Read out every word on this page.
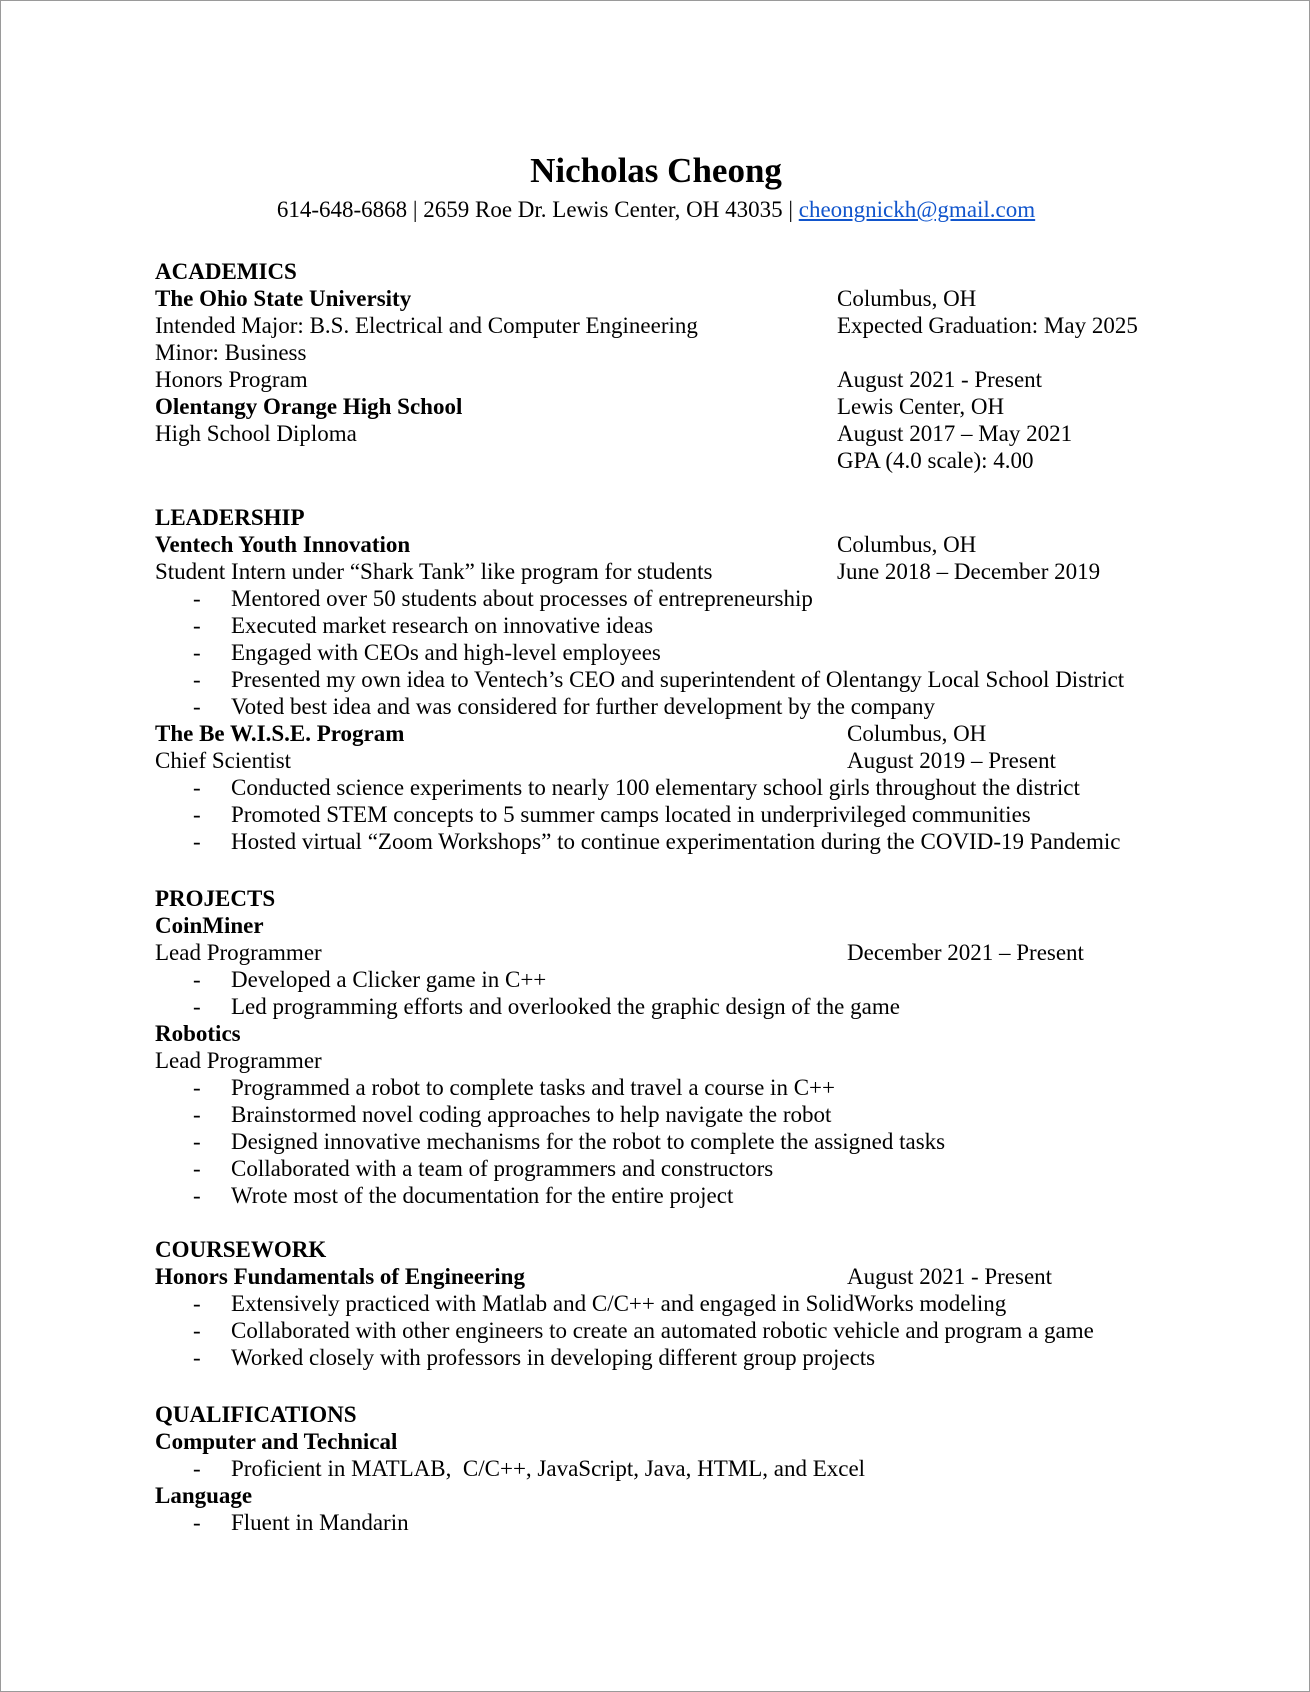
Nicholas Cheong
614-648-6868 | 2659 Roe Dr. Lewis Center, OH 43035 | cheongnickh@gmail.com
ACADEMICS
The Ohio State University	Columbus, OH
Intended Major: B.S. Electrical and Computer Engineering	Expected Graduation: May 2025
Minor: Business
Honors Program	August 2021 - Present
Olentangy Orange High School	Lewis Center, OH
High School Diploma	August 2017 – May 2021
GPA (4.0 scale): 4.00
LEADERSHIP
Ventech Youth Innovation	Columbus, OH
Student Intern under “Shark Tank” like program for students	June 2018 – December 2019
- Mentored over 50 students about processes of entrepreneurship
- Executed market research on innovative ideas
- Engaged with CEOs and high-level employees
- Presented my own idea to Ventech’s CEO and superintendent of Olentangy Local School District
- Voted best idea and was considered for further development by the company
The Be W.I.S.E. Program	Columbus, OH
Chief Scientist	August 2019 – Present
- Conducted science experiments to nearly 100 elementary school girls throughout the district
- Promoted STEM concepts to 5 summer camps located in underprivileged communities
- Hosted virtual “Zoom Workshops” to continue experimentation during the COVID-19 Pandemic
PROJECTS
CoinMiner
Lead Programmer	December 2021 – Present
- Developed a Clicker game in C++
- Led programming efforts and overlooked the graphic design of the game
Robotics
Lead Programmer
- Programmed a robot to complete tasks and travel a course in C++
- Brainstormed novel coding approaches to help navigate the robot
- Designed innovative mechanisms for the robot to complete the assigned tasks
- Collaborated with a team of programmers and constructors
- Wrote most of the documentation for the entire project
COURSEWORK
Honors Fundamentals of Engineering	August 2021 - Present
- Extensively practiced with Matlab and C/C++ and engaged in SolidWorks modeling
- Collaborated with other engineers to create an automated robotic vehicle and program a game
- Worked closely with professors in developing different group projects
QUALIFICATIONS
Computer and Technical
- Proficient in MATLAB,  C/C++, JavaScript, Java, HTML, and Excel
Language
- Fluent in Mandarin
